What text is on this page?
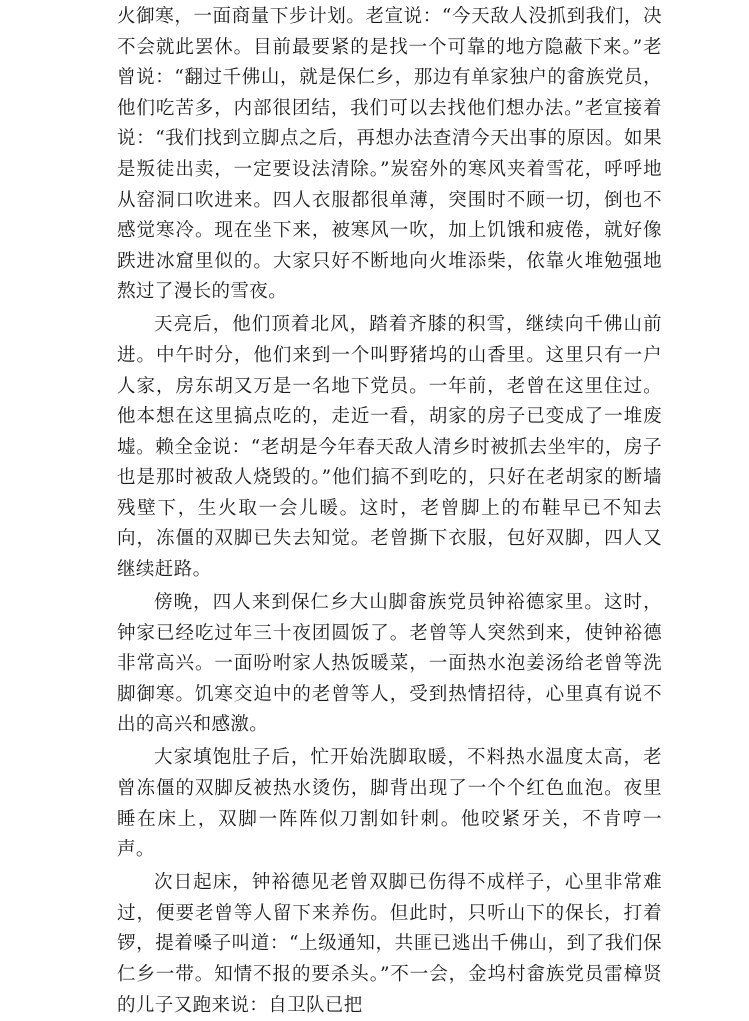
火御寒，一面商量下步计划。老宣说：“今天敌人没抓到我们，决不会就此罢休。目前最要紧的是找一个可靠的地方隐蔽下来。”老曾说：“翻过千佛山，就是保仁乡，那边有单家独户的畲族党员，他们吃苦多，内部很团结，我们可以去找他们想办法。”老宣接着说：“我们找到立脚点之后，再想办法查清今天出事的原因。如果是叛徒出卖，一定要设法清除。”炭窑外的寒风夹着雪花，呼呼地从窑洞口吹进来。四人衣服都很单薄，突围时不顾一切，倒也不感觉寒冷。现在坐下来，被寒风一吹，加上饥饿和疲倦，就好像跌进冰窟里似的。大家只好不断地向火堆添柴，依靠火堆勉强地熬过了漫长的雪夜。

天亮后，他们顶着北风，踏着齐膝的积雪，继续向千佛山前进。中午时分，他们来到一个叫野猪坞的山香里。这里只有一户人家，房东胡又万是一名地下党员。一年前，老曾在这里住过。他本想在这里搞点吃的，走近一看，胡家的房子已变成了一堆废墟。赖全金说：“老胡是今年春天敌人清乡时被抓去坐牢的，房子也是那时被敌人烧毁的。”他们搞不到吃的，只好在老胡家的断墙残壁下，生火取一会儿暖。这时，老曾脚上的布鞋早已不知去向，冻僵的双脚已失去知觉。老曾撕下衣服，包好双脚，四人又继续赶路。

傍晚，四人来到保仁乡大山脚畲族党员钟裕德家里。这时，钟家已经吃过年三十夜团圆饭了。老曾等人突然到来，使钟裕德非常高兴。一面吩咐家人热饭暖菜，一面热水泡姜汤给老曾等洗脚御寒。饥寒交迫中的老曾等人，受到热情招待，心里真有说不出的高兴和感激。

大家填饱肚子后，忙开始洗脚取暖，不料热水温度太高，老曾冻僵的双脚反被热水烫伤，脚背出现了一个个红色血泡。夜里睡在床上，双脚一阵阵似刀割如针刺。他咬紧牙关，不肯哼一声。

次日起床，钟裕德见老曾双脚已伤得不成样子，心里非常难过，便要老曾等人留下来养伤。但此时，只听山下的保长，打着锣，提着嗓子叫道：“上级通知，共匪已逃出千佛山，到了我们保仁乡一带。知情不报的要杀头。”不一会，金坞村畲族党员雷樟贤的儿子又跑来说：自卫队已把
